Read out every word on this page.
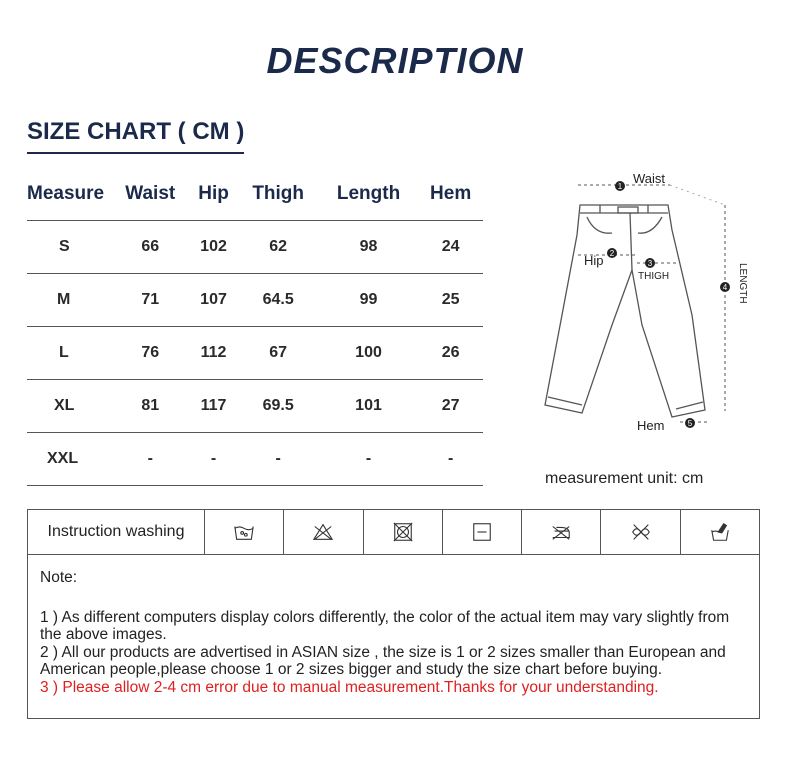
DESCRIPTION
SIZE CHART ( CM )
Measure	Waist	Hip	Thigh	Length	Hem
S	66	102	62	98	24
M	71	107	64.5	99	25
L	76	112	67	100	26
XL	81	117	69.5	101	27
XXL	-	-	-	-	-
1
Waist
2
Hip	3
THIGH
4 LENGTH
5
Hem
measurement unit: cm
Instruction washing
Note:
1 ) As different computers display colors differently, the color of the actual item may vary slightly from the above images.
2 ) All our products are advertised in ASIAN size , the size is 1 or 2 sizes smaller than European and American people,please choose 1 or 2 sizes bigger and study the size chart before buying.
3 ) Please allow 2-4 cm error due to manual measurement.Thanks for your understanding.
